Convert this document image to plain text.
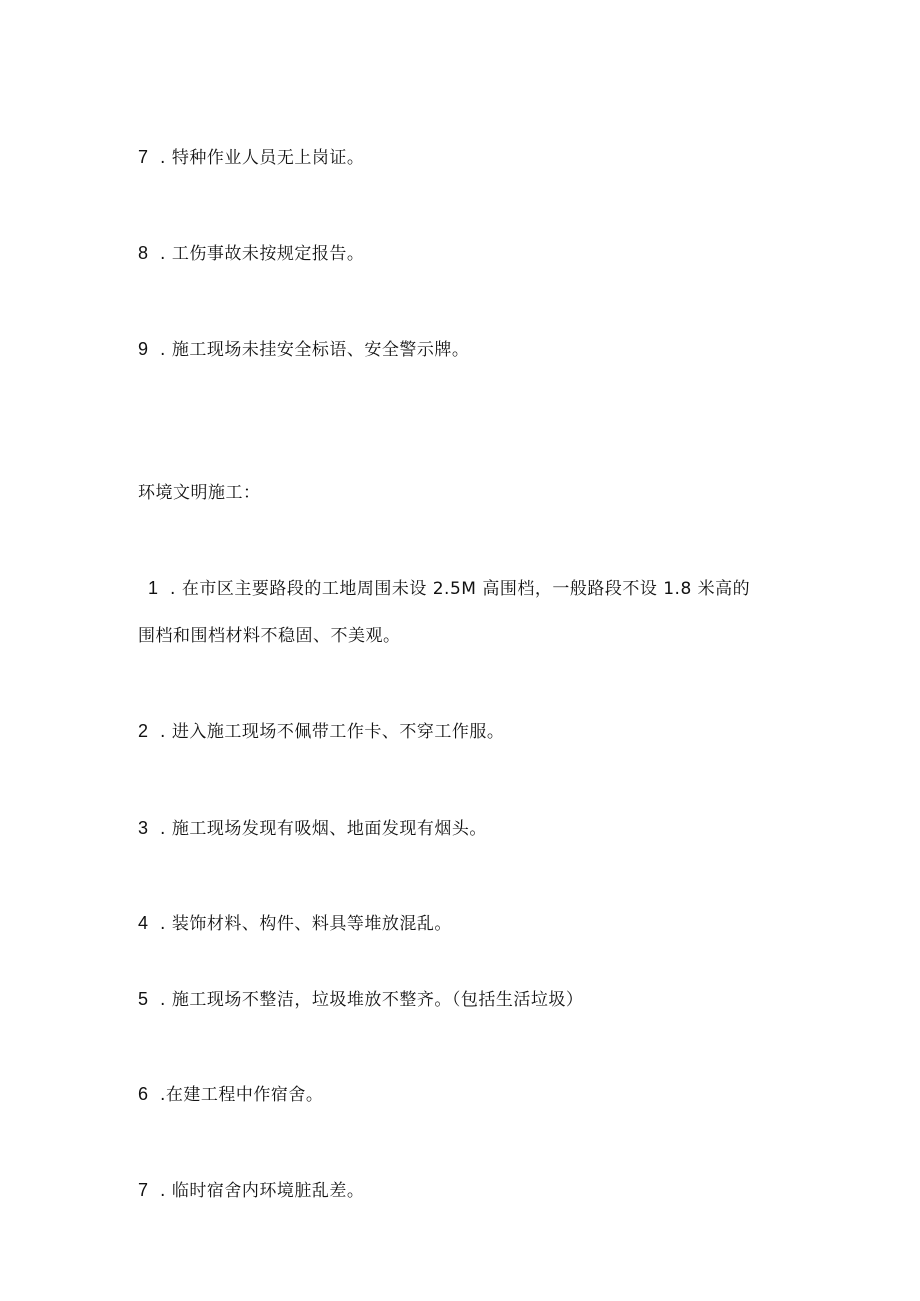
7 . 特种作业人员无上岗证。
8 . 工伤事故未按规定报告。
9 . 施工现场未挂安全标语、安全警示牌。
环境文明施工：
1 . 在市区主要路段的工地周围未设 2.5M 高围档，一般路段不设 1.8 米高的
围档和围档材料不稳固、不美观。
2 . 进入施工现场不佩带工作卡、不穿工作服。
3 . 施工现场发现有吸烟、地面发现有烟头。
4 . 装饰材料、构件、料具等堆放混乱。
5 . 施工现场不整洁，垃圾堆放不整齐。（包括生活垃圾）
6 .在建工程中作宿舍。
7 . 临时宿舍内环境脏乱差。
